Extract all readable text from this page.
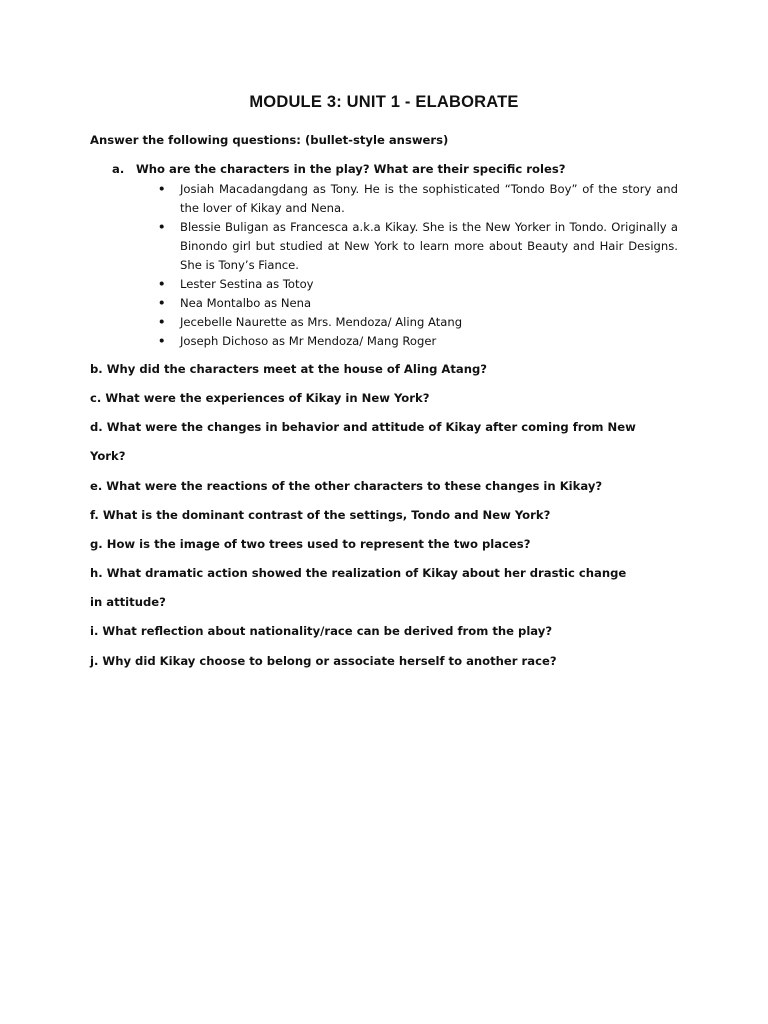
MODULE 3: UNIT 1 - ELABORATE
Answer the following questions: (bullet-style answers)
a. Who are the characters in the play? What are their specific roles?
• Josiah Macadangdang as Tony. He is the sophisticated “Tondo Boy” of the story and the lover of Kikay and Nena.
• Blessie Buligan as Francesca a.k.a Kikay. She is the New Yorker in Tondo. Originally a Binondo girl but studied at New York to learn more about Beauty and Hair Designs. She is Tony’s Fiance.
• Lester Sestina as Totoy
• Nea Montalbo as Nena
• Jecebelle Naurette as Mrs. Mendoza/ Aling Atang
• Joseph Dichoso as Mr Mendoza/ Mang Roger
b. Why did the characters meet at the house of Aling Atang?
c. What were the experiences of Kikay in New York?
d. What were the changes in behavior and attitude of Kikay after coming from New
York?
e. What were the reactions of the other characters to these changes in Kikay?
f. What is the dominant contrast of the settings, Tondo and New York?
g. How is the image of two trees used to represent the two places?
h. What dramatic action showed the realization of Kikay about her drastic change
in attitude?
i. What reflection about nationality/race can be derived from the play?
j. Why did Kikay choose to belong or associate herself to another race?
